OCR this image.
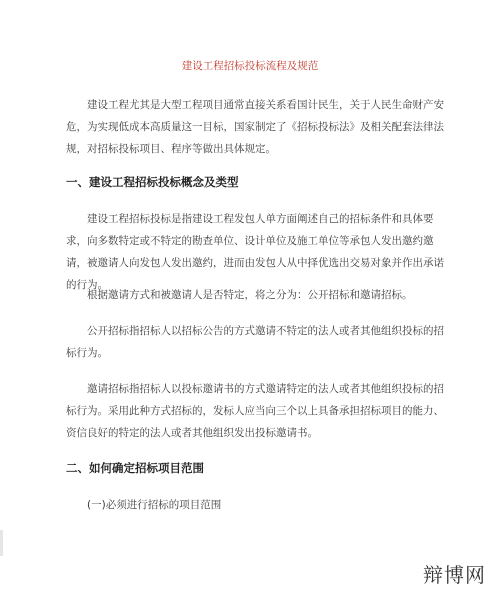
建设工程招标投标流程及规范

建设工程尤其是大型工程项目通常直接关系看国计民生，关于人民生命财产安危，为实现低成本高质量这一目标，国家制定了《招标投标法》及相关配套法律法规，对招标投标项目、程序等做出具体规定。

一、建设工程招标投标概念及类型

建设工程招标投标是指建设工程发包人单方面阐述自己的招标条件和具体要求，向多数特定或不特定的勘查单位、设计单位及施工单位等承包人发出邀约邀请，被邀请人向发包人发出邀约，进而由发包人从中择优选出交易对象并作出承诺的行为。

根据邀请方式和被邀请人是否特定，将之分为：公开招标和邀请招标。

公开招标指招标人以招标公告的方式邀请不特定的法人或者其他组织投标的招标行为。

邀请招标指招标人以投标邀请书的方式邀请特定的法人或者其他组织投标的招标行为。采用此种方式招标的，发标人应当向三个以上具备承担招标项目的能力、资信良好的特定的法人或者其他组织发出投标邀请书。

二、如何确定招标项目范围

(一)必须进行招标的项目范围

辩博网
